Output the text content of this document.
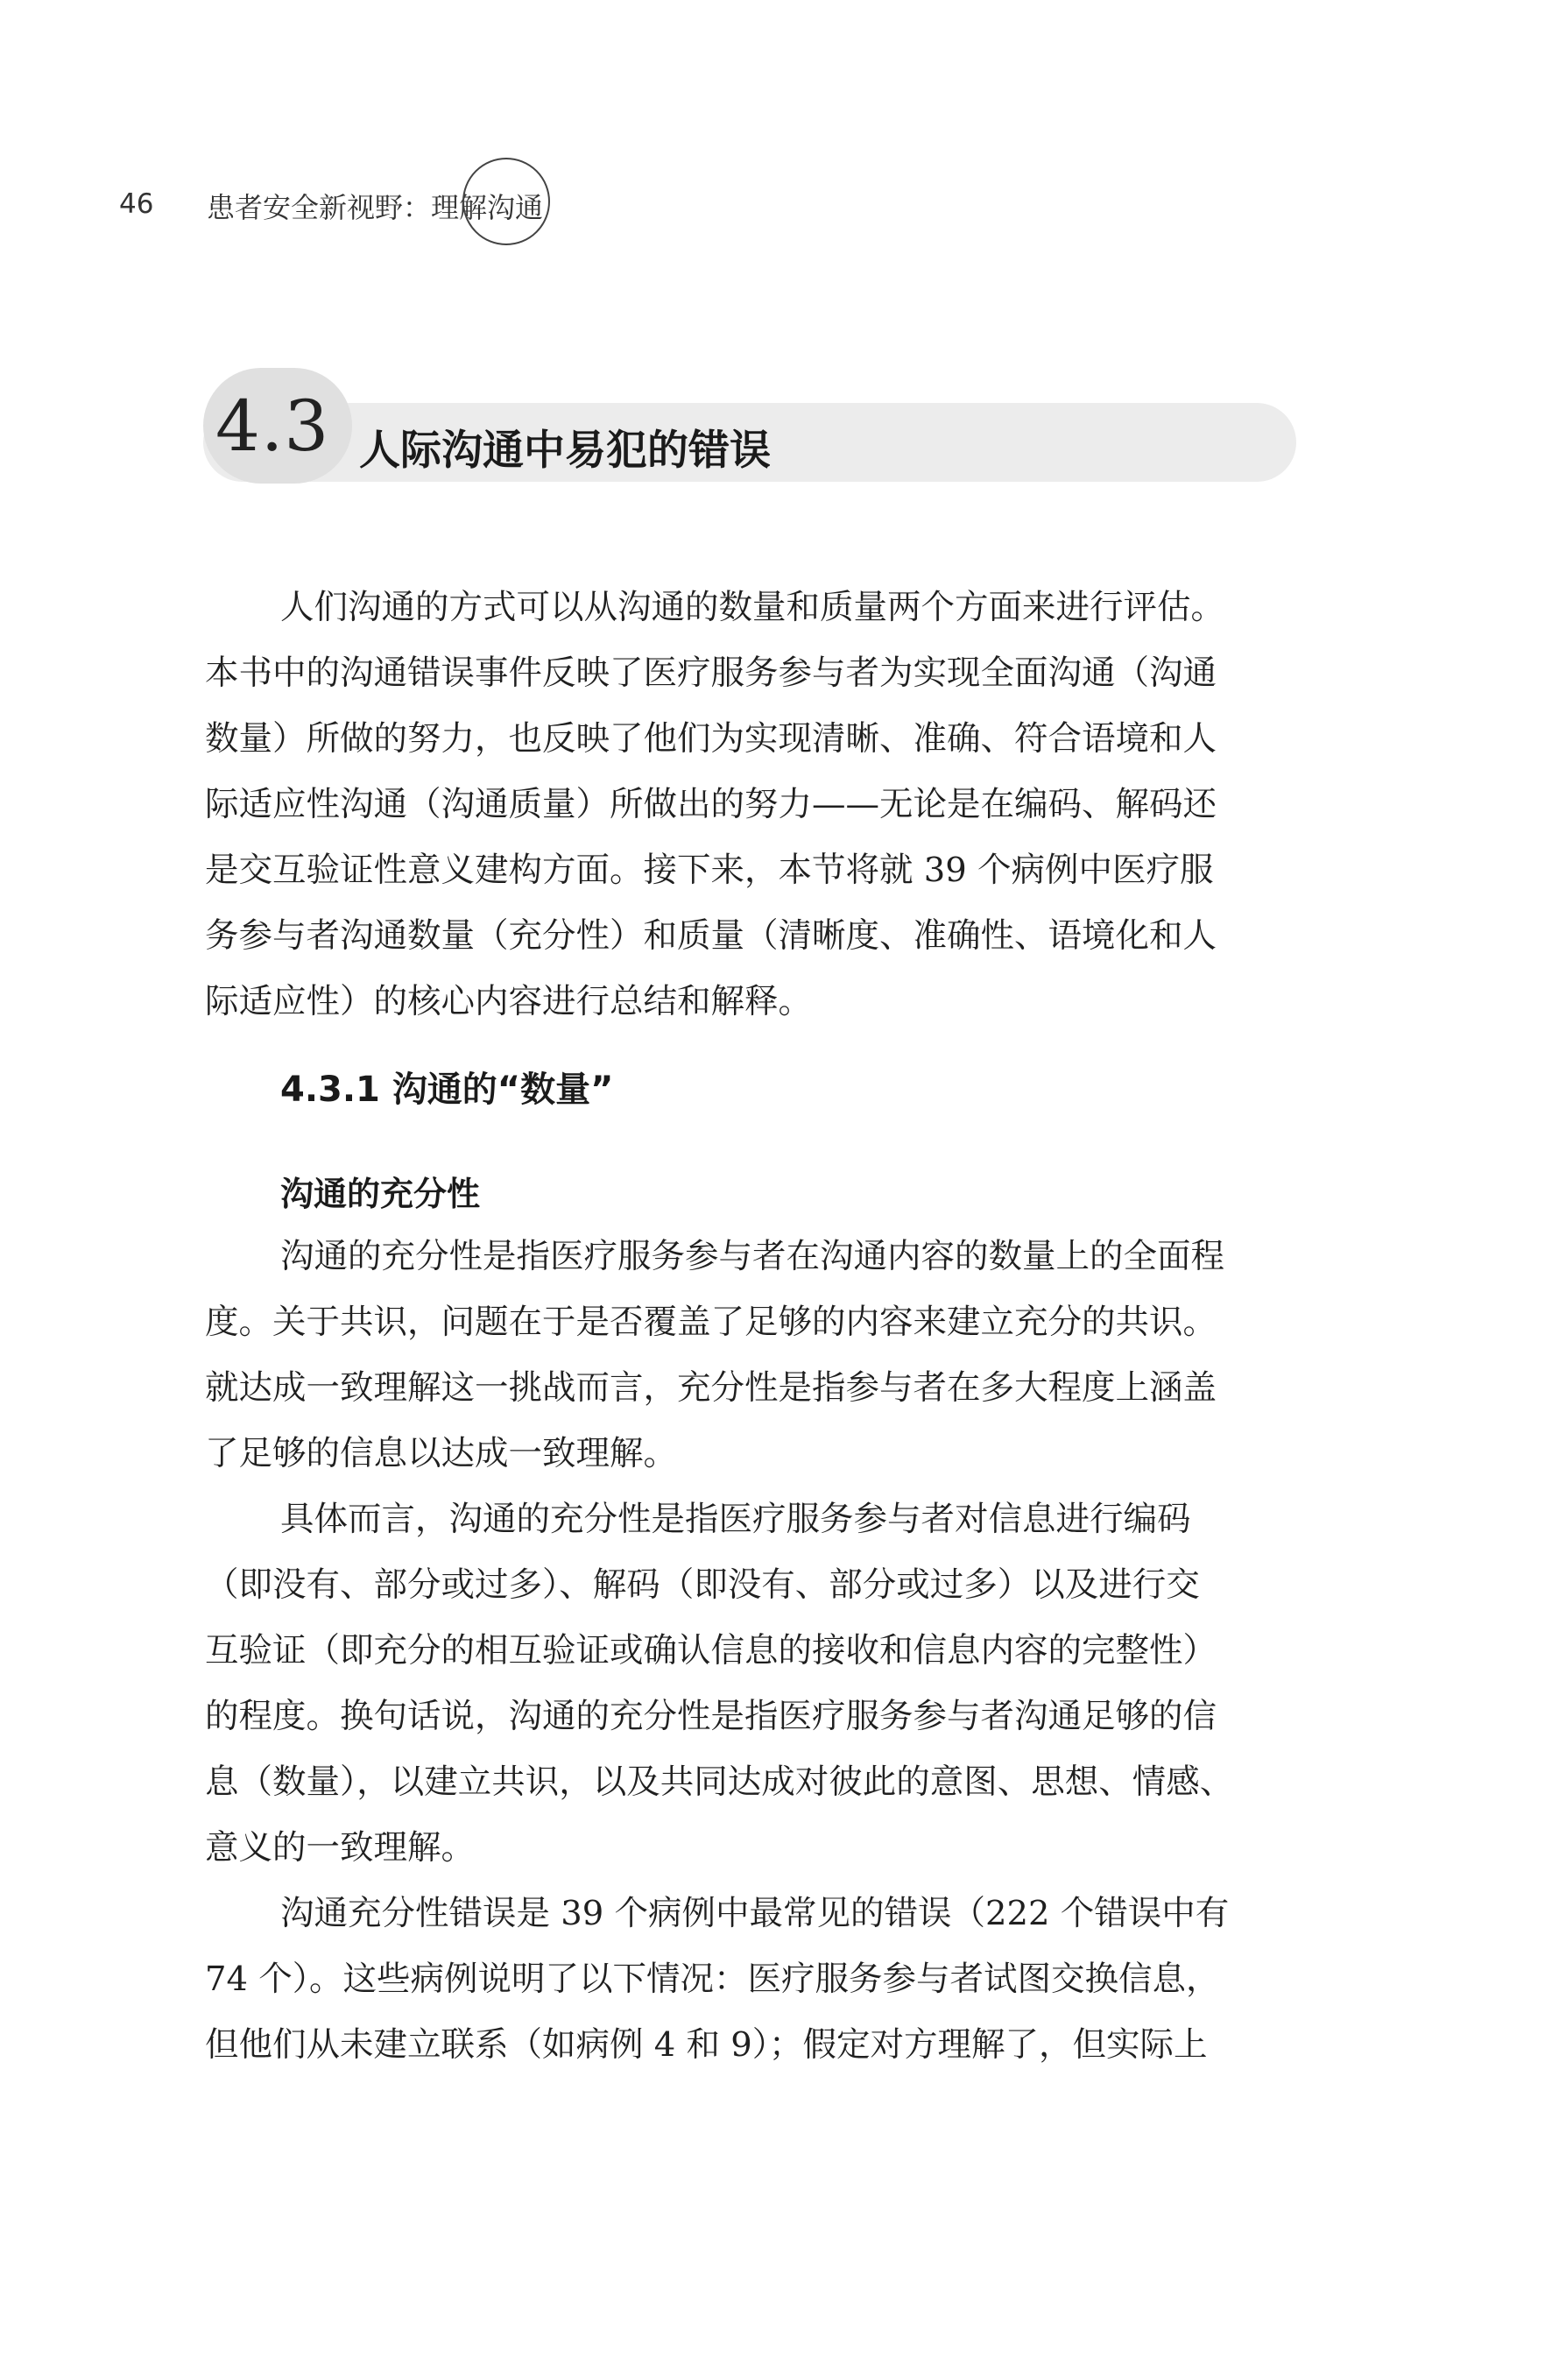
46 患者安全新视野：理解沟通
4.3 人际沟通中易犯的错误
人们沟通的方式可以从沟通的数量和质量两个方面来进行评估。
本书中的沟通错误事件反映了医疗服务参与者为实现全面沟通（沟通
数量）所做的努力，也反映了他们为实现清晰、准确、符合语境和人
际适应性沟通（沟通质量）所做出的努力——无论是在编码、解码还
是交互验证性意义建构方面。接下来，本节将就 39 个病例中医疗服
务参与者沟通数量（充分性）和质量（清晰度、准确性、语境化和人
际适应性）的核心内容进行总结和解释。
4.3.1 沟通的“数量”
沟通的充分性
沟通的充分性是指医疗服务参与者在沟通内容的数量上的全面程
度。关于共识，问题在于是否覆盖了足够的内容来建立充分的共识。
就达成一致理解这一挑战而言，充分性是指参与者在多大程度上涵盖
了足够的信息以达成一致理解。
具体而言，沟通的充分性是指医疗服务参与者对信息进行编码
（即没有、部分或过多）、解码（即没有、部分或过多）以及进行交
互验证（即充分的相互验证或确认信息的接收和信息内容的完整性）
的程度。换句话说，沟通的充分性是指医疗服务参与者沟通足够的信
息（数量），以建立共识，以及共同达成对彼此的意图、思想、情感、
意义的一致理解。
沟通充分性错误是 39 个病例中最常见的错误（222 个错误中有
74 个）。这些病例说明了以下情况：医疗服务参与者试图交换信息，
但他们从未建立联系（如病例 4 和 9）；假定对方理解了，但实际上
